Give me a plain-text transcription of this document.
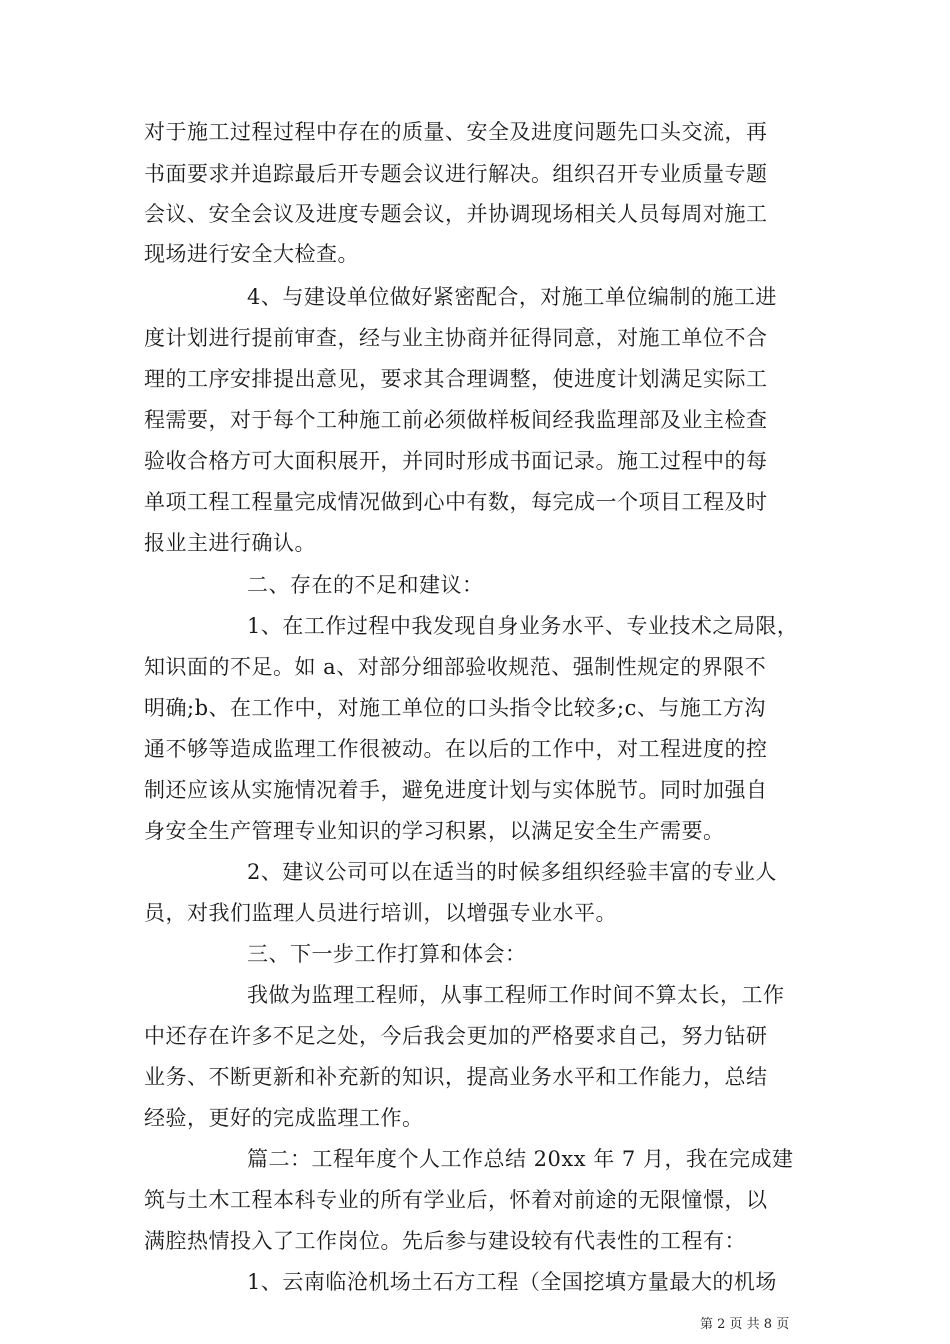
对于施工过程过程中存在的质量、安全及进度问题先口头交流，再
书面要求并追踪最后开专题会议进行解决。组织召开专业质量专题
会议、安全会议及进度专题会议，并协调现场相关人员每周对施工
现场进行安全大检查。
4、与建设单位做好紧密配合，对施工单位编制的施工进
度计划进行提前审查，经与业主协商并征得同意，对施工单位不合
理的工序安排提出意见，要求其合理调整，使进度计划满足实际工
程需要，对于每个工种施工前必须做样板间经我监理部及业主检查
验收合格方可大面积展开，并同时形成书面记录。施工过程中的每
单项工程工程量完成情况做到心中有数，每完成一个项目工程及时
报业主进行确认。
二、存在的不足和建议：
1、在工作过程中我发现自身业务水平、专业技术之局限，
知识面的不足。如 a、对部分细部验收规范、强制性规定的界限不
明确;b、在工作中，对施工单位的口头指令比较多;c、与施工方沟
通不够等造成监理工作很被动。在以后的工作中，对工程进度的控
制还应该从实施情况着手，避免进度计划与实体脱节。同时加强自
身安全生产管理专业知识的学习积累，以满足安全生产需要。
2、建议公司可以在适当的时候多组织经验丰富的专业人
员，对我们监理人员进行培训，以增强专业水平。
三、下一步工作打算和体会：
我做为监理工程师，从事工程师工作时间不算太长，工作
中还存在许多不足之处，今后我会更加的严格要求自己，努力钻研
业务、不断更新和补充新的知识，提高业务水平和工作能力，总结
经验，更好的完成监理工作。
篇二：工程年度个人工作总结 20xx 年 7 月，我在完成建
筑与土木工程本科专业的所有学业后，怀着对前途的无限憧憬，以
满腔热情投入了工作岗位。先后参与建设较有代表性的工程有：
1、云南临沧机场土石方工程（全国挖填方量最大的机场
第 2 页 共 8 页
